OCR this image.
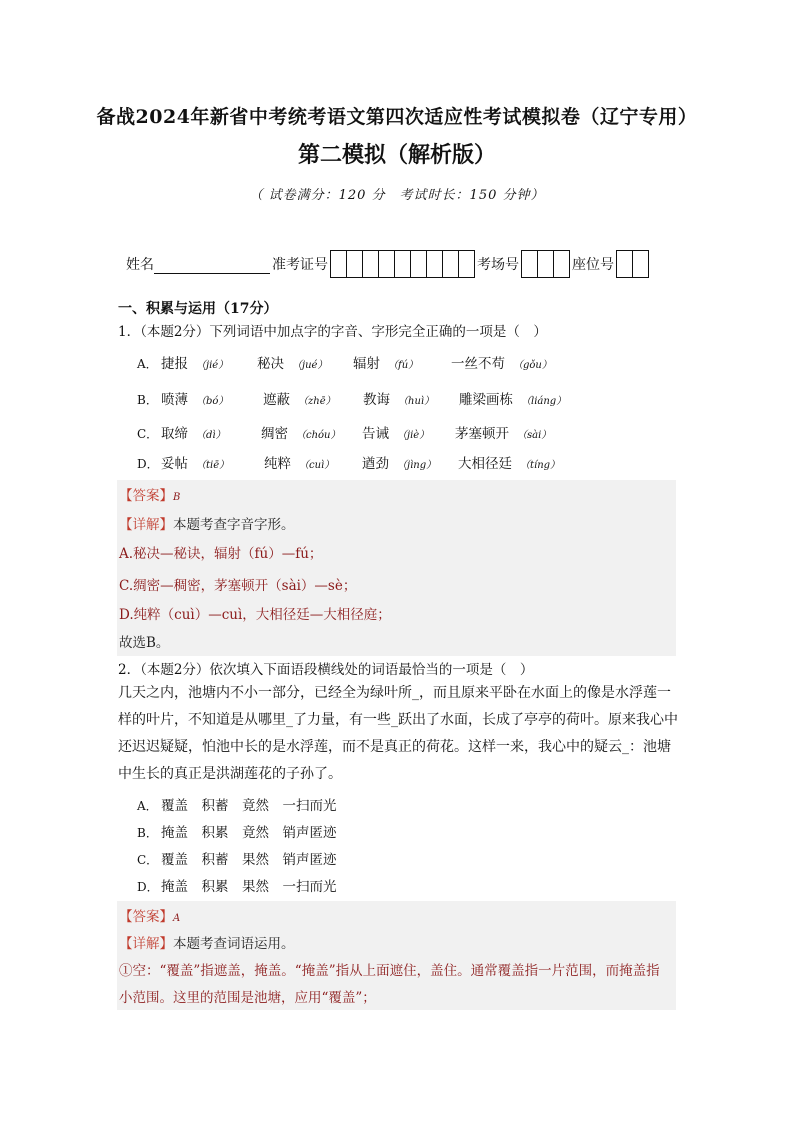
备战2024年新省中考统考语文第四次适应性考试模拟卷（辽宁专用）
第二模拟（解析版）
（ 试卷满分：120 分　考试时长：150 分钟）
姓名	准考证号	考场号	座位号
一、积累与运用（17分）
1．（本题2分）下列词语中加点字的字音、字形完全正确的一项是（　）
A． 捷报 （jié）	秘决 （jué）	辐射 （fú）	一丝不苟 （gǒu）
B． 喷薄 （bó）	遮蔽 （zhē）	教诲 （huì）	雕梁画栋 （liáng）
C． 取缔 （dì）	绸密 （chóu）	告诫 （jiè）	茅塞顿开 （sài）
D． 妥帖 （tiē）	纯粹 （cuì）	遒劲 （jìng）	大相径廷 （tíng）
【答案】B
【详解】本题考查字音字形。
A.秘决—秘诀，辐射（fú）—fú；
C.绸密—稠密，茅塞顿开（sài）—sè；
D.纯粹（cuì）—cuì，大相径廷—大相径庭；
故选B。
2．（本题2分）依次填入下面语段横线处的词语最恰当的一项是（　）
几天之内，池塘内不小一部分，已经全为绿叶所_，而且原来平卧在水面上的像是水浮莲一
样的叶片，不知道是从哪里_了力量，有一些_跃出了水面，长成了亭亭的荷叶。原来我心中
还迟迟疑疑，怕池中长的是水浮莲，而不是真正的荷花。这样一来，我心中的疑云_：池塘
中生长的真正是洪湖莲花的子孙了。
A． 覆盖　积蓄　竟然　一扫而光
B． 掩盖　积累　竟然　销声匿迹
C． 覆盖　积蓄　果然　销声匿迹
D． 掩盖　积累　果然　一扫而光
【答案】A
【详解】本题考查词语运用。
①空：“覆盖”指遮盖，掩盖。“掩盖”指从上面遮住，盖住。通常覆盖指一片范围，而掩盖指
小范围。这里的范围是池塘，应用“覆盖”；
